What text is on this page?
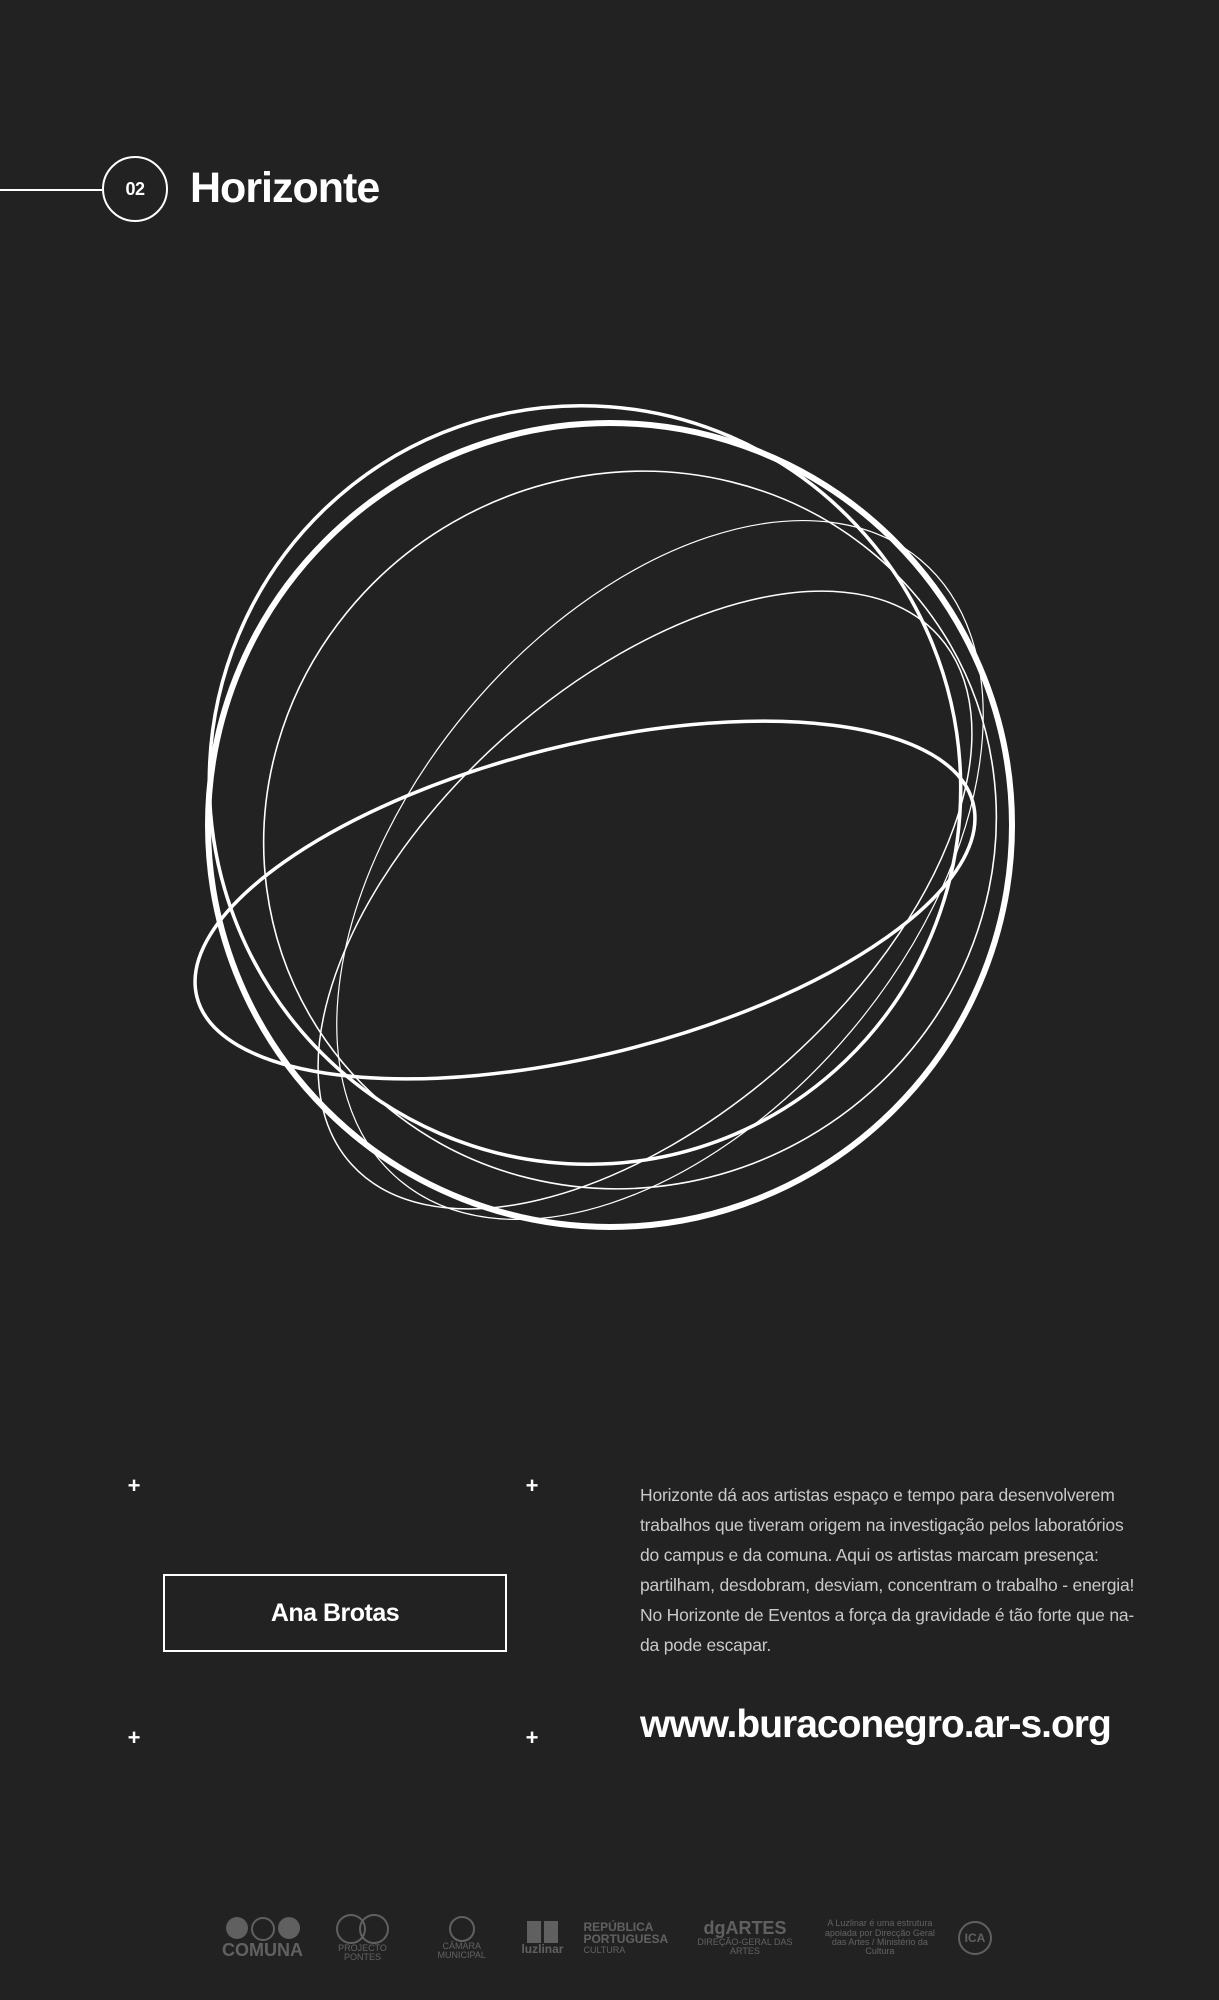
02	Horizonte
+	+
+	+
Ana Brotas
Horizonte dá aos artistas espaço e tempo para desenvolverem
trabalhos que tiveram origem na investigação pelos laboratórios
do campus e da comuna. Aqui os artistas marcam presença:
partilham, desdobram, desviam, concentram o trabalho - energia!
No Horizonte de Eventos a força da gravidade é tão forte que na-
da pode escapar.
www.buraconegro.ar-s.org
COMUNA	PROJECTO PONTES
CÂMARA MUNICIPAL	luzlinar
REPÚBLICA
PORTUGUESA
CULTURA
dgARTES
DIREÇÃO-GERAL DAS ARTES
A Luzlinar é uma estrutura apoiada por Direcção Geral das Artes / Ministério da Cultura
ICA
